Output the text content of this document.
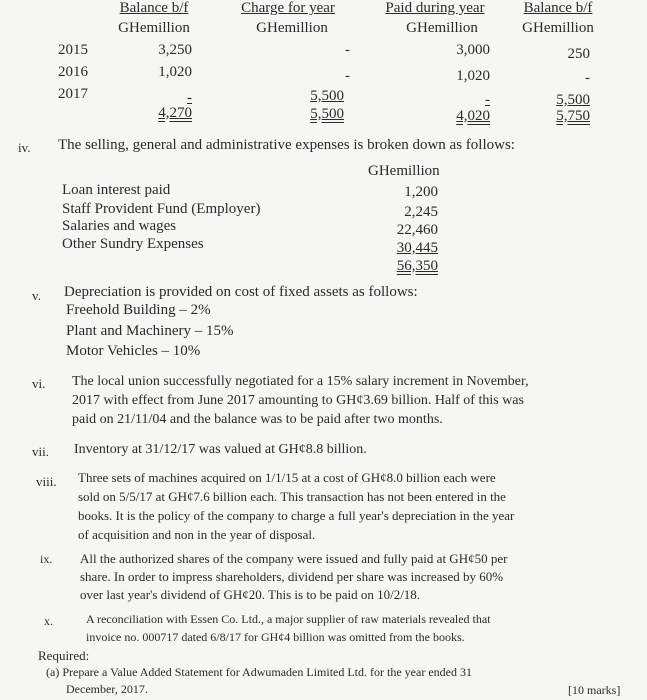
Balance b/f	Charge for year	Paid during year	Balance b/f
GHemillion	GHemillion	GHemillion	GHemillion
2015	3,250	-	3,000	250
2016	1,020	-	1,020	-
2017	-	5,500	-	5,500
4,270	5,500	4,020	5,750
iv. The selling, general and administrative expenses is broken down as follows:
GHemillion
Loan interest paid	1,200
Staff Provident Fund (Employer)	2,245
Salaries and wages	22,460
Other Sundry Expenses	30,445
56,350
v. Depreciation is provided on cost of fixed assets as follows:
Freehold Building – 2%
Plant and Machinery – 15%
Motor Vehicles – 10%
vi. The local union successfully negotiated for a 15% salary increment in November,
2017 with effect from June 2017 amounting to GH¢3.69 billion. Half of this was
paid on 21/11/04 and the balance was to be paid after two months.
vii. Inventory at 31/12/17 was valued at GH¢8.8 billion.
viii. Three sets of machines acquired on 1/1/15 at a cost of GH¢8.0 billion each were
sold on 5/5/17 at GH¢7.6 billion each. This transaction has not been entered in the
books. It is the policy of the company to charge a full year's depreciation in the year
of acquisition and non in the year of disposal.
ix. All the authorized shares of the company were issued and fully paid at GH¢50 per
share. In order to impress shareholders, dividend per share was increased by 60%
over last year's dividend of GH¢20. This is to be paid on 10/2/18.
x.	A reconciliation with Essen Co. Ltd., a major supplier of raw materials revealed that
invoice no. 000717 dated 6/8/17 for GH¢4 billion was omitted from the books.
Required:
(a) Prepare a Value Added Statement for Adwumaden Limited Ltd. for the year ended 31
December, 2017.	[10 marks]
